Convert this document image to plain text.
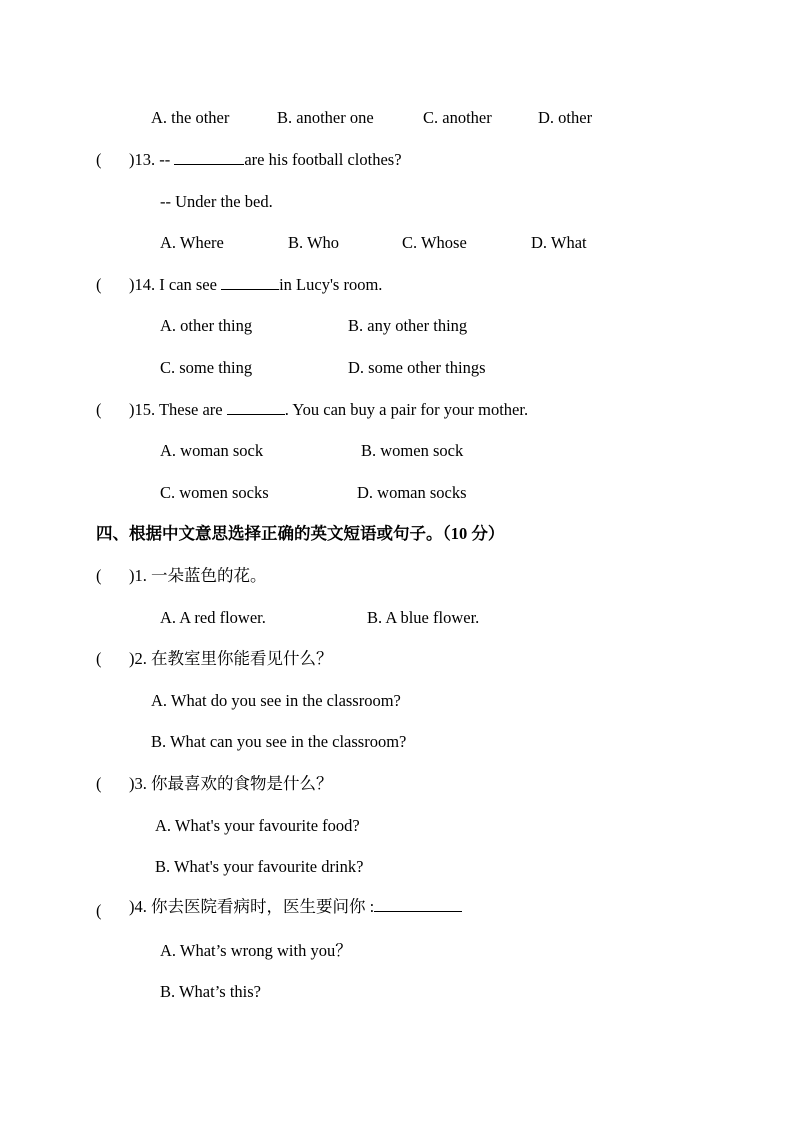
A. the other	B. another one	C. another	D. other
( )13. --	are his football clothes?
-- Under the bed.
A. Where	B. Who	C. Whose	D. What
( )14. I can see	in Lucy's room.
A. other thing	B. any other thing
C. some thing	D. some other things
( )15. These are	. You can buy a pair for your mother.
A. woman sock	B. women sock
C. women socks	D. woman socks
四、根据中文意思选择正确的英文短语或句子。（10 分）
( )1. 一朵蓝色的花。
A. A red flower.	B. A blue flower.
( )2. 在教室里你能看见什么？
A. What do you see in the classroom?
B. What can you see in the classroom?
( )3. 你最喜欢的食物是什么？
A. What's your favourite food?
B. What's your favourite drink?
( )4. 你去医院看病时，医生要问你 :
A. What’s wrong with you？
B. What’s this?
